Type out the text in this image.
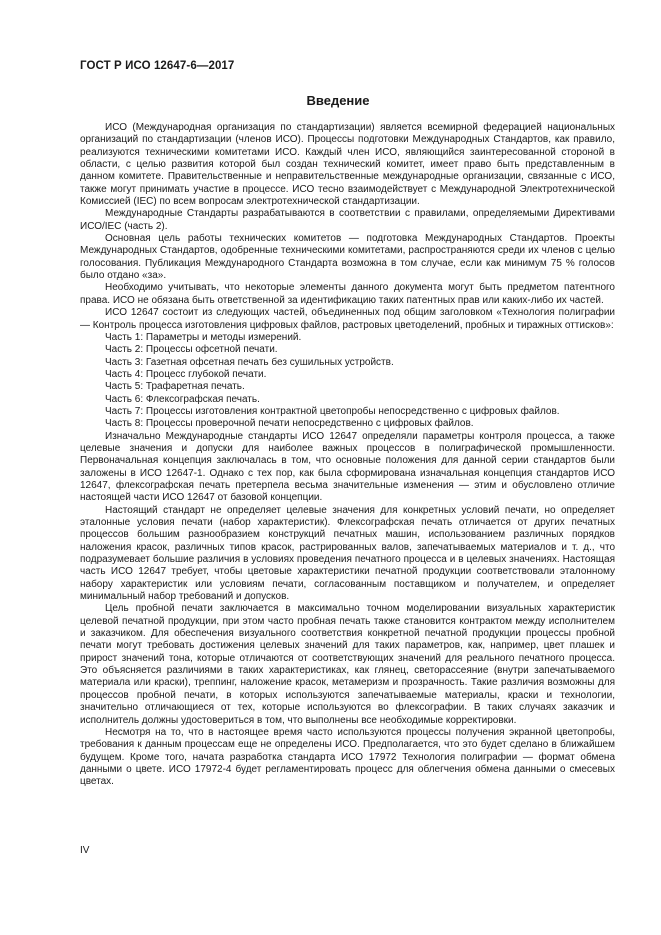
ГОСТ Р ИСО 12647-6—2017
Введение

ИСО (Международная организация по стандартизации) является всемирной федерацией национальных организаций по стандартизации (членов ИСО). Процессы подготовки Международных Стандартов, как правило, реализуются техническими комитетами ИСО. Каждый член ИСО, являющийся заинтересованной стороной в области, с целью развития которой был создан технический комитет, имеет право быть представленным в данном комитете. Правительственные и неправительственные международные организации, связанные с ИСО, также могут принимать участие в процессе. ИСО тесно взаимодействует с Международной Электротехнической Комиссией (IEC) по всем вопросам электротехнической стандартизации.

Международные Стандарты разрабатываются в соответствии с правилами, определяемыми Директивами ИСО/IEC (часть 2).

Основная цель работы технических комитетов — подготовка Международных Стандартов. Проекты Международных Стандартов, одобренные техническими комитетами, распространяются среди их членов с целью голосования. Публикация Международного Стандарта возможна в том случае, если как минимум 75 % голосов было отдано «за».

Необходимо учитывать, что некоторые элементы данного документа могут быть предметом патентного права. ИСО не обязана быть ответственной за идентификацию таких патентных прав или каких-либо их частей.

ИСО 12647 состоит из следующих частей, объединенных под общим заголовком «Технология полиграфии — Контроль процесса изготовления цифровых файлов, растровых цветоделений, пробных и тиражных оттисков»:

Часть 1: Параметры и методы измерений.

Часть 2: Процессы офсетной печати.

Часть 3: Газетная офсетная печать без сушильных устройств.

Часть 4: Процесс глубокой печати.

Часть 5: Трафаретная печать.

Часть 6: Флексографская печать.

Часть 7: Процессы изготовления контрактной цветопробы непосредственно с цифровых файлов.

Часть 8: Процессы проверочной печати непосредственно с цифровых файлов.

Изначально Международные стандарты ИСО 12647 определяли параметры контроля процесса, а также целевые значения и допуски для наиболее важных процессов в полиграфической промышленности. Первоначальная концепция заключалась в том, что основные положения для данной серии стандартов были заложены в ИСО 12647-1. Однако с тех пор, как была сформирована изначальная концепция стандартов ИСО 12647, флексографская печать претерпела весьма значительные изменения — этим и обусловлено отличие настоящей части ИСО 12647 от базовой концепции.

Настоящий стандарт не определяет целевые значения для конкретных условий печати, но определяет эталонные условия печати (набор характеристик). Флексографская печать отличается от других печатных процессов большим разнообразием конструкций печатных машин, использованием различных порядков наложения красок, различных типов красок, растрированных валов, запечатываемых материалов и т. д., что подразумевает большие различия в условиях проведения печатного процесса и в целевых значениях. Настоящая часть ИСО 12647 требует, чтобы цветовые характеристики печатной продукции соответствовали эталонному набору характеристик или условиям печати, согласованным поставщиком и получателем, и определяет минимальный набор требований и допусков.

Цель пробной печати заключается в максимально точном моделировании визуальных характеристик целевой печатной продукции, при этом часто пробная печать также становится контрактом между исполнителем и заказчиком. Для обеспечения визуального соответствия конкретной печатной продукции процессы пробной печати могут требовать достижения целевых значений для таких параметров, как, например, цвет плашек и прирост значений тона, которые отличаются от соответствующих значений для реального печатного процесса. Это объясняется различиями в таких характеристиках, как глянец, светорассеяние (внутри запечатываемого материала или краски), треппинг, наложение красок, метамеризм и прозрачность. Такие различия возможны для процессов пробной печати, в которых используются запечатываемые материалы, краски и технологии, значительно отличающиеся от тех, которые используются во флексографии. В таких случаях заказчик и исполнитель должны удостовериться в том, что выполнены все необходимые корректировки.

Несмотря на то, что в настоящее время часто используются процессы получения экранной цветопробы, требования к данным процессам еще не определены ИСО. Предполагается, что это будет сделано в ближайшем будущем. Кроме того, начата разработка стандарта ИСО 17972 Технология полиграфии — формат обмена данными о цвете. ИСО 17972-4 будет регламентировать процесс для облегчения обмена данными о смесевых цветах.

IV
